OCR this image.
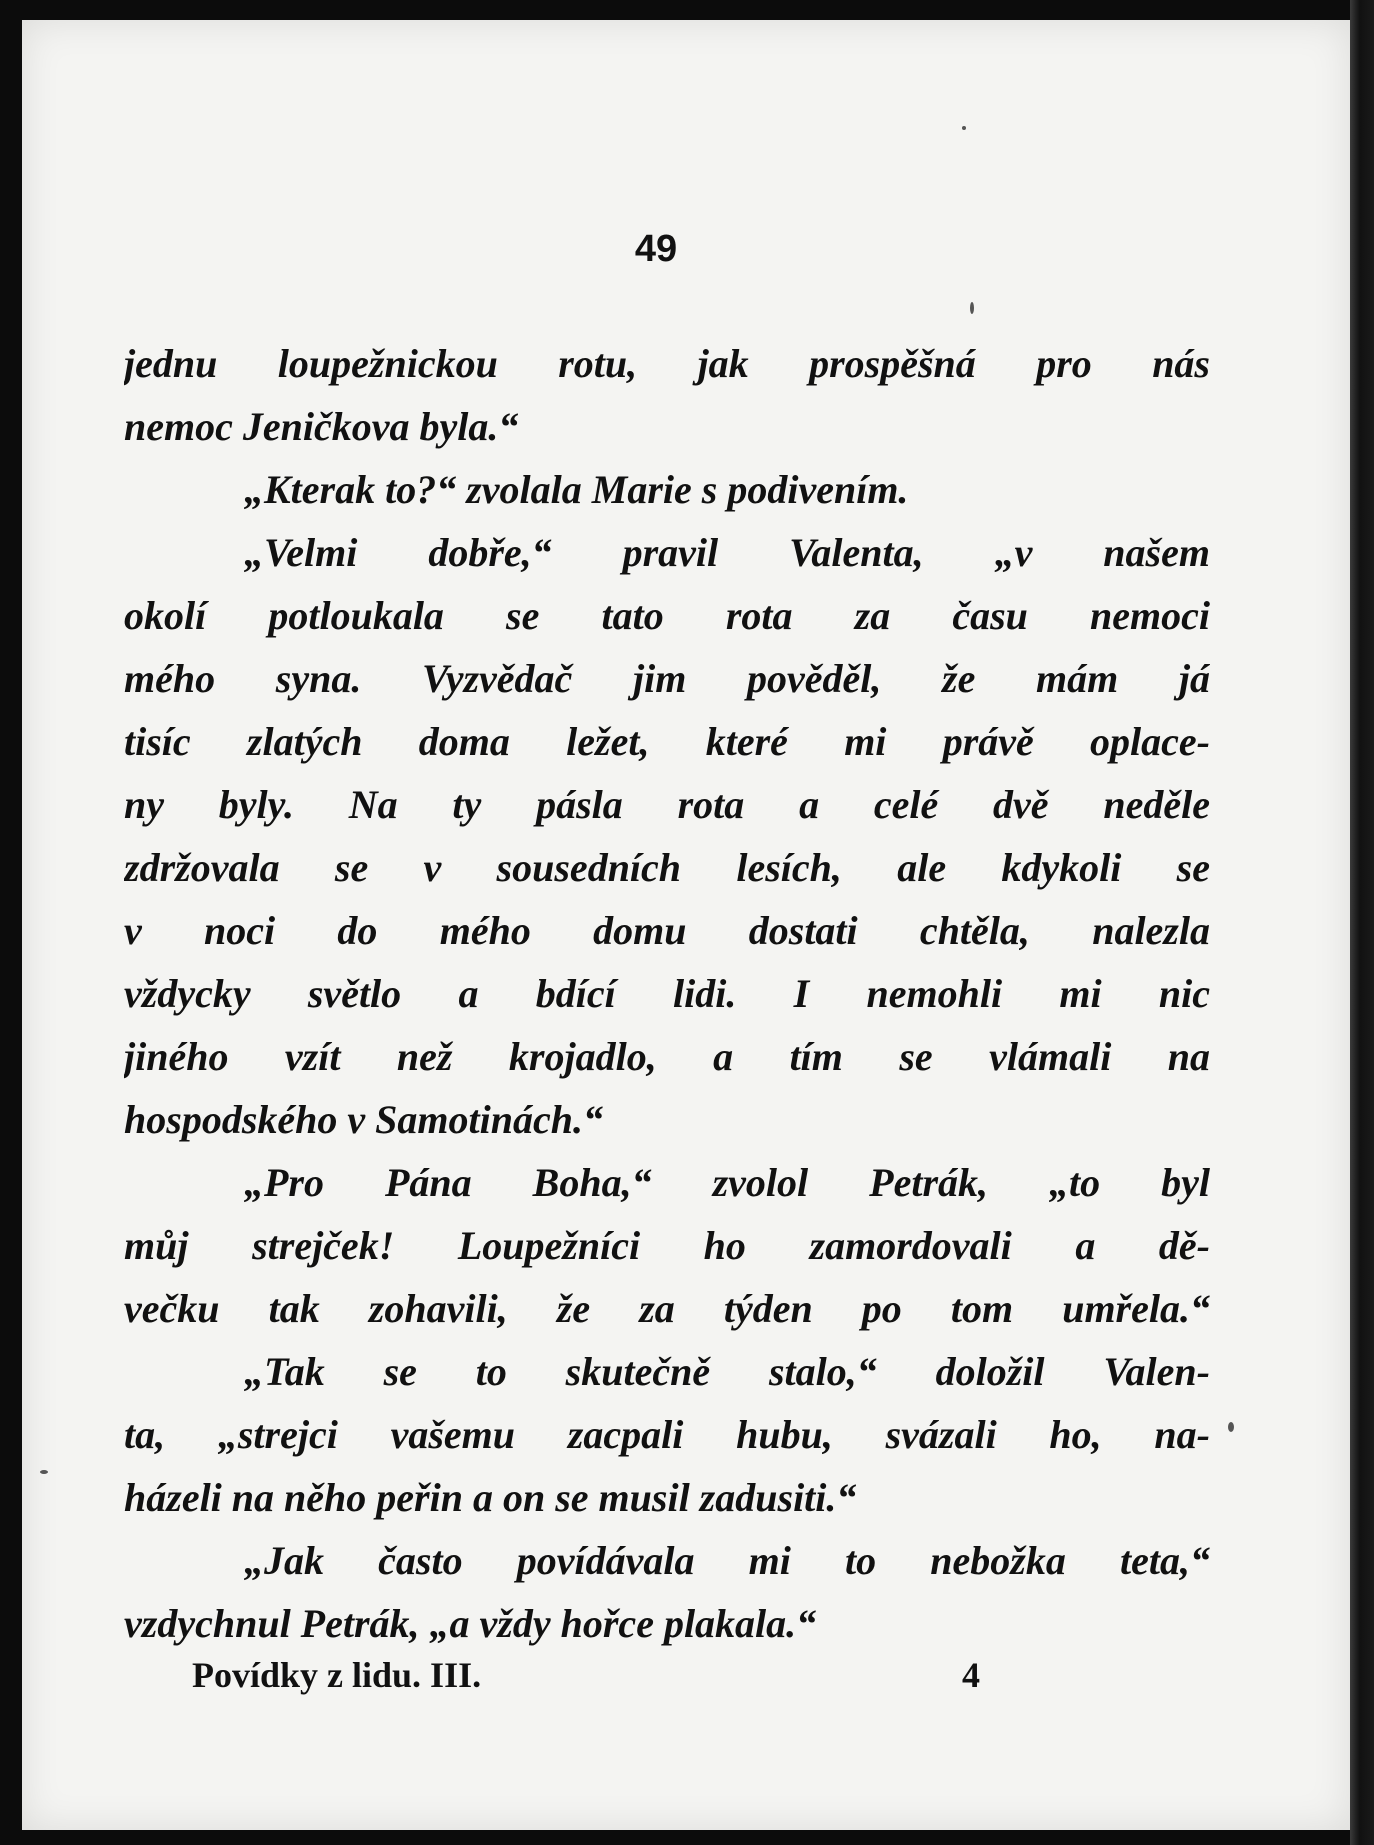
49
jednu loupežnickou rotu, jak prospěšná pro nás
nemoc Jeničkova byla.“
„Kterak to?“ zvolala Marie s podivením.
„Velmi dobře,“ pravil Valenta, „v našem
okolí potloukala se tato rota za času nemoci
mého syna. Vyzvědač jim pověděl, že mám já
tisíc zlatých doma ležet, které mi právě oplace-
ny byly. Na ty pásla rota a celé dvě neděle
zdržovala se v sousedních lesích, ale kdykoli se
v noci do mého domu dostati chtěla, nalezla
vždycky světlo a bdící lidi. I nemohli mi nic
jiného vzít než krojadlo, a tím se vlámali na
hospodského v Samotinách.“
„Pro Pána Boha,“ zvolol Petrák, „to byl
můj strejček! Loupežníci ho zamordovali a dě-
večku tak zohavili, že za týden po tom umřela.“
„Tak se to skutečně stalo,“ doložil Valen-
ta, „strejci vašemu zacpali hubu, svázali ho, na-
házeli na něho peřin a on se musil zadusiti.“
„Jak často povídávala mi to nebožka teta,“
vzdychnul Petrák, „a vždy hořce plakala.“
Povídky z lidu. III.	4
